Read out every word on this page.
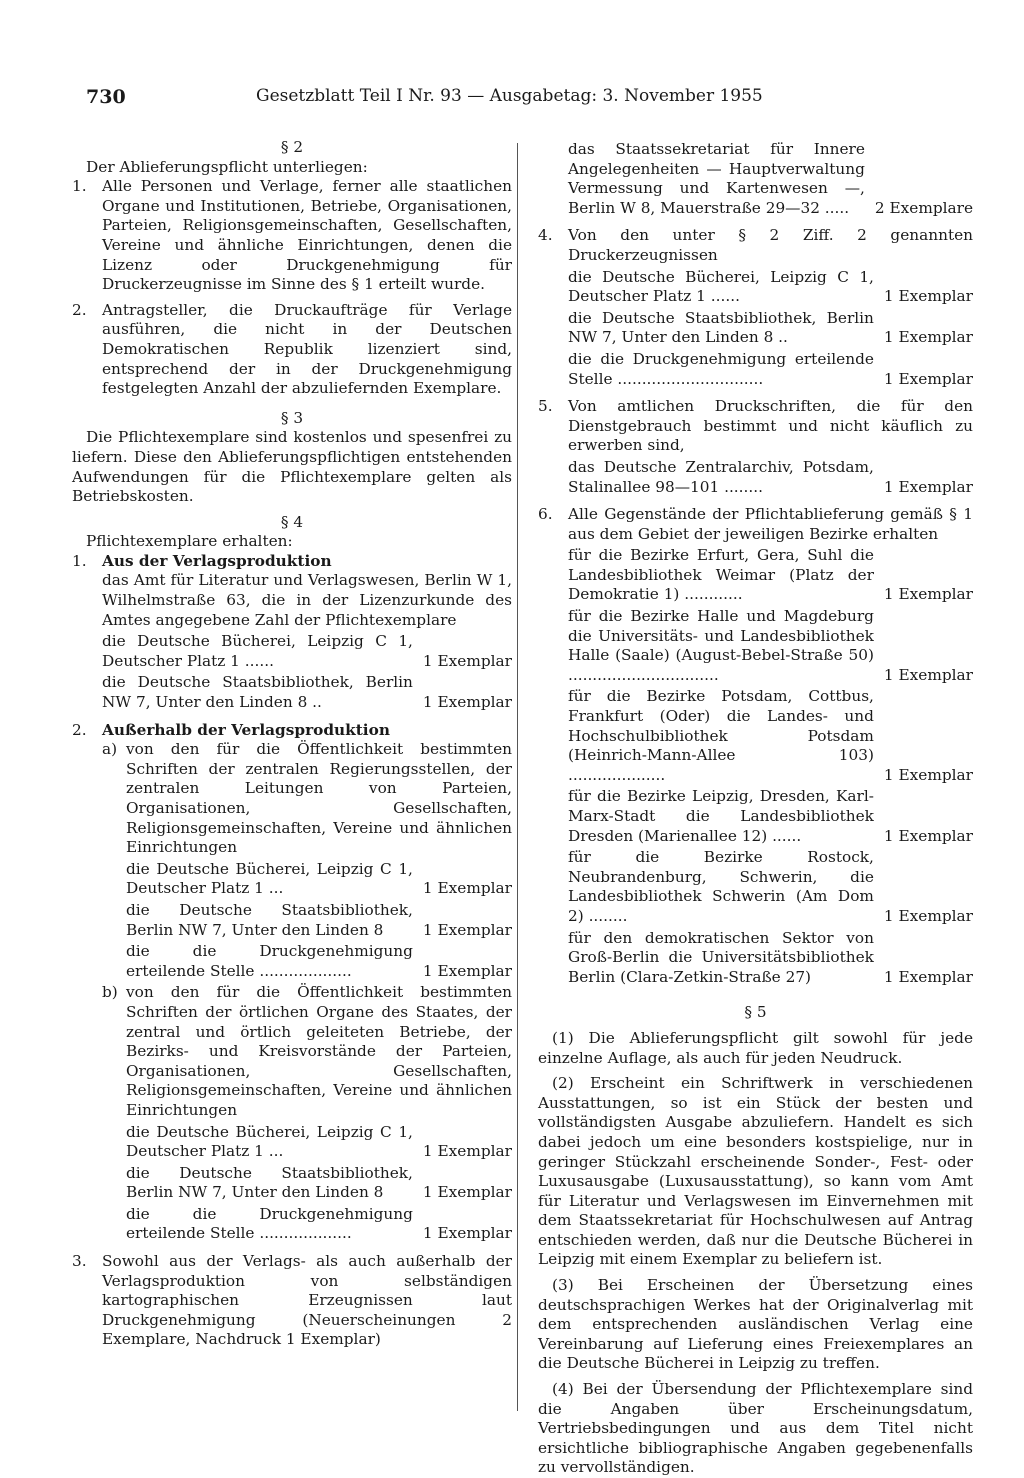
730	Gesetzblatt Teil I Nr. 93 — Ausgabetag: 3. November 1955

§ 2

Der Ablieferungspflicht unterliegen:

1.	Alle Personen und Verlage, ferner alle staatlichen Organe und Institutionen, Betriebe, Organisationen, Parteien, Religionsgemeinschaften, Gesellschaften, Vereine und ähnliche Einrichtungen, denen die Lizenz oder Druckgenehmigung für Druckerzeugnisse im Sinne des § 1 erteilt wurde.
2.	Antragsteller, die Druckaufträge für Verlage ausführen, die nicht in der Deutschen Demokratischen Republik lizenziert sind, entsprechend der in der Druckgenehmigung festgelegten Anzahl der abzuliefernden Exemplare.

§ 3

Die Pflichtexemplare sind kostenlos und spesenfrei zu liefern. Diese den Ablieferungspflichtigen entstehenden Aufwendungen für die Pflichtexemplare gelten als Betriebskosten.

§ 4

Pflichtexemplare erhalten:

1.	Aus der Verlagsproduktion
das Amt für Literatur und Verlagswesen, Berlin W 1, Wilhelmstraße 63, die in der Lizenzurkunde des Amtes angegebene Zahl der Pflichtexemplare
die Deutsche Bücherei, Leipzig C 1, Deutscher Platz 1 ......	1 Exemplar
die Deutsche Staatsbibliothek, Berlin NW 7, Unter den Linden 8 ..	1 Exemplar
2.	Außerhalb der Verlagsproduktion
a) von den für die Öffentlichkeit bestimmten Schriften der zentralen Regierungsstellen, der zentralen Leitungen von Parteien, Organisationen, Gesellschaften, Religionsgemeinschaften, Vereine und ähnlichen Einrichtungen
die Deutsche Bücherei, Leipzig C 1, Deutscher Platz 1 ...	1 Exemplar
die Deutsche Staatsbibliothek, Berlin NW 7, Unter den Linden 8	1 Exemplar
die die Druckgenehmigung erteilende Stelle ...................	1 Exemplar
b) von den für die Öffentlichkeit bestimmten Schriften der örtlichen Organe des Staates, der zentral und örtlich geleiteten Betriebe, der Bezirks- und Kreisvorstände der Parteien, Organisationen, Gesellschaften, Religionsgemeinschaften, Vereine und ähnlichen Einrichtungen
die Deutsche Bücherei, Leipzig C 1, Deutscher Platz 1 ...	1 Exemplar
die Deutsche Staatsbibliothek, Berlin NW 7, Unter den Linden 8	1 Exemplar
die die Druckgenehmigung erteilende Stelle ...................	1 Exemplar
3.	Sowohl aus der Verlags- als auch außerhalb der Verlagsproduktion von selbständigen kartographischen Erzeugnissen laut Druckgenehmigung (Neuerscheinungen 2 Exemplare, Nachdruck 1 Exemplar)
das Staatssekretariat für Innere Angelegenheiten — Hauptverwaltung Vermessung und Kartenwesen —, Berlin W 8, Mauerstraße 29—32 .....	2 Exemplare
4.	Von den unter § 2 Ziff. 2 genannten Druckerzeugnissen
die Deutsche Bücherei, Leipzig C 1, Deutscher Platz 1 ......	1 Exemplar
die Deutsche Staatsbibliothek, Berlin NW 7, Unter den Linden 8 ..	1 Exemplar
die die Druckgenehmigung erteilende Stelle ..............................	1 Exemplar
5.	Von amtlichen Druckschriften, die für den Dienstgebrauch bestimmt und nicht käuflich zu erwerben sind,
das Deutsche Zentralarchiv, Potsdam, Stalinallee 98—101 ........	1 Exemplar
6.	Alle Gegenstände der Pflichtablieferung gemäß § 1 aus dem Gebiet der jeweiligen Bezirke erhalten
für die Bezirke Erfurt, Gera, Suhl die Landesbibliothek Weimar (Platz der Demokratie 1) ............	1 Exemplar
für die Bezirke Halle und Magdeburg die Universitäts- und Landesbibliothek Halle (Saale) (August-Bebel-Straße 50) ...............................	1 Exemplar
für die Bezirke Potsdam, Cottbus, Frankfurt (Oder) die Landes- und Hochschulbibliothek Potsdam (Heinrich-Mann-Allee 103) ....................	1 Exemplar
für die Bezirke Leipzig, Dresden, Karl-Marx-Stadt die Landesbibliothek Dresden (Marienallee 12) ......	1 Exemplar
für die Bezirke Rostock, Neubrandenburg, Schwerin, die Landesbibliothek Schwerin (Am Dom 2) ........	1 Exemplar
für den demokratischen Sektor von Groß-Berlin die Universitätsbibliothek Berlin (Clara-Zetkin-Straße 27)	1 Exemplar

§ 5

(1) Die Ablieferungspflicht gilt sowohl für jede einzelne Auflage, als auch für jeden Neudruck.

(2) Erscheint ein Schriftwerk in verschiedenen Ausstattungen, so ist ein Stück der besten und vollständigsten Ausgabe abzuliefern. Handelt es sich dabei jedoch um eine besonders kostspielige, nur in geringer Stückzahl erscheinende Sonder-, Fest- oder Luxusausgabe (Luxusausstattung), so kann vom Amt für Literatur und Verlagswesen im Einvernehmen mit dem Staatssekretariat für Hochschulwesen auf Antrag entschieden werden, daß nur die Deutsche Bücherei in Leipzig mit einem Exemplar zu beliefern ist.

(3) Bei Erscheinen der Übersetzung eines deutschsprachigen Werkes hat der Originalverlag mit dem entsprechenden ausländischen Verlag eine Vereinbarung auf Lieferung eines Freiexemplares an die Deutsche Bücherei in Leipzig zu treffen.

(4) Bei der Übersendung der Pflichtexemplare sind die Angaben über Erscheinungsdatum, Vertriebsbedingungen und aus dem Titel nicht ersichtliche bibliographische Angaben gegebenenfalls zu vervollständigen.
